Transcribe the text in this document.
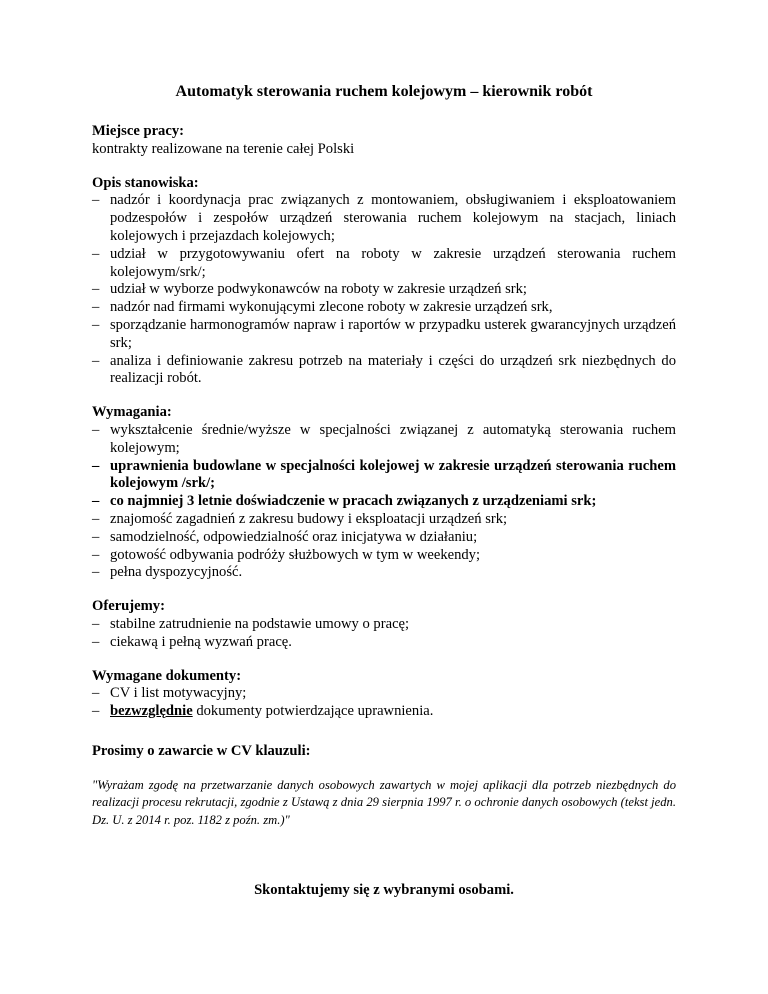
Automatyk sterowania ruchem kolejowym – kierownik robót

Miejsce pracy:

kontrakty realizowane na terenie całej Polski

Opis stanowiska:

– nadzór i koordynacja prac związanych z montowaniem, obsługiwaniem i eksploatowaniem podzespołów i zespołów urządzeń sterowania ruchem kolejowym na stacjach, liniach kolejowych i przejazdach kolejowych;
– udział w przygotowywaniu ofert na roboty w zakresie urządzeń sterowania ruchem kolejowym/srk/;
– udział w wyborze podwykonawców na roboty w zakresie urządzeń srk;
– nadzór nad firmami wykonującymi zlecone roboty w zakresie urządzeń srk,
– sporządzanie harmonogramów napraw i raportów w przypadku usterek gwarancyjnych urządzeń srk;
– analiza i definiowanie zakresu potrzeb na materiały i części do urządzeń srk niezbędnych do realizacji robót.

Wymagania:

– wykształcenie średnie/wyższe w specjalności związanej z automatyką sterowania ruchem kolejowym;
– uprawnienia budowlane w specjalności kolejowej w zakresie urządzeń sterowania ruchem kolejowym /srk/;
– co najmniej 3 letnie doświadczenie w pracach związanych z urządzeniami srk;
– znajomość zagadnień z zakresu budowy i eksploatacji urządzeń srk;
– samodzielność, odpowiedzialność oraz inicjatywa w działaniu;
– gotowość odbywania podróży służbowych w tym w weekendy;
– pełna dyspozycyjność.

Oferujemy:

– stabilne zatrudnienie na podstawie umowy o pracę;
– ciekawą i pełną wyzwań pracę.

Wymagane dokumenty:

– CV i list motywacyjny;
– bezwzględnie dokumenty potwierdzające uprawnienia.

Prosimy o zawarcie w CV klauzuli:

"Wyrażam zgodę na przetwarzanie danych osobowych zawartych w mojej aplikacji dla potrzeb niezbędnych do realizacji procesu rekrutacji, zgodnie z Ustawą z dnia 29 sierpnia 1997 r. o ochronie danych osobowych (tekst jedn. Dz. U. z 2014 r. poz. 1182 z poźn. zm.)"

Skontaktujemy się z wybranymi osobami.
